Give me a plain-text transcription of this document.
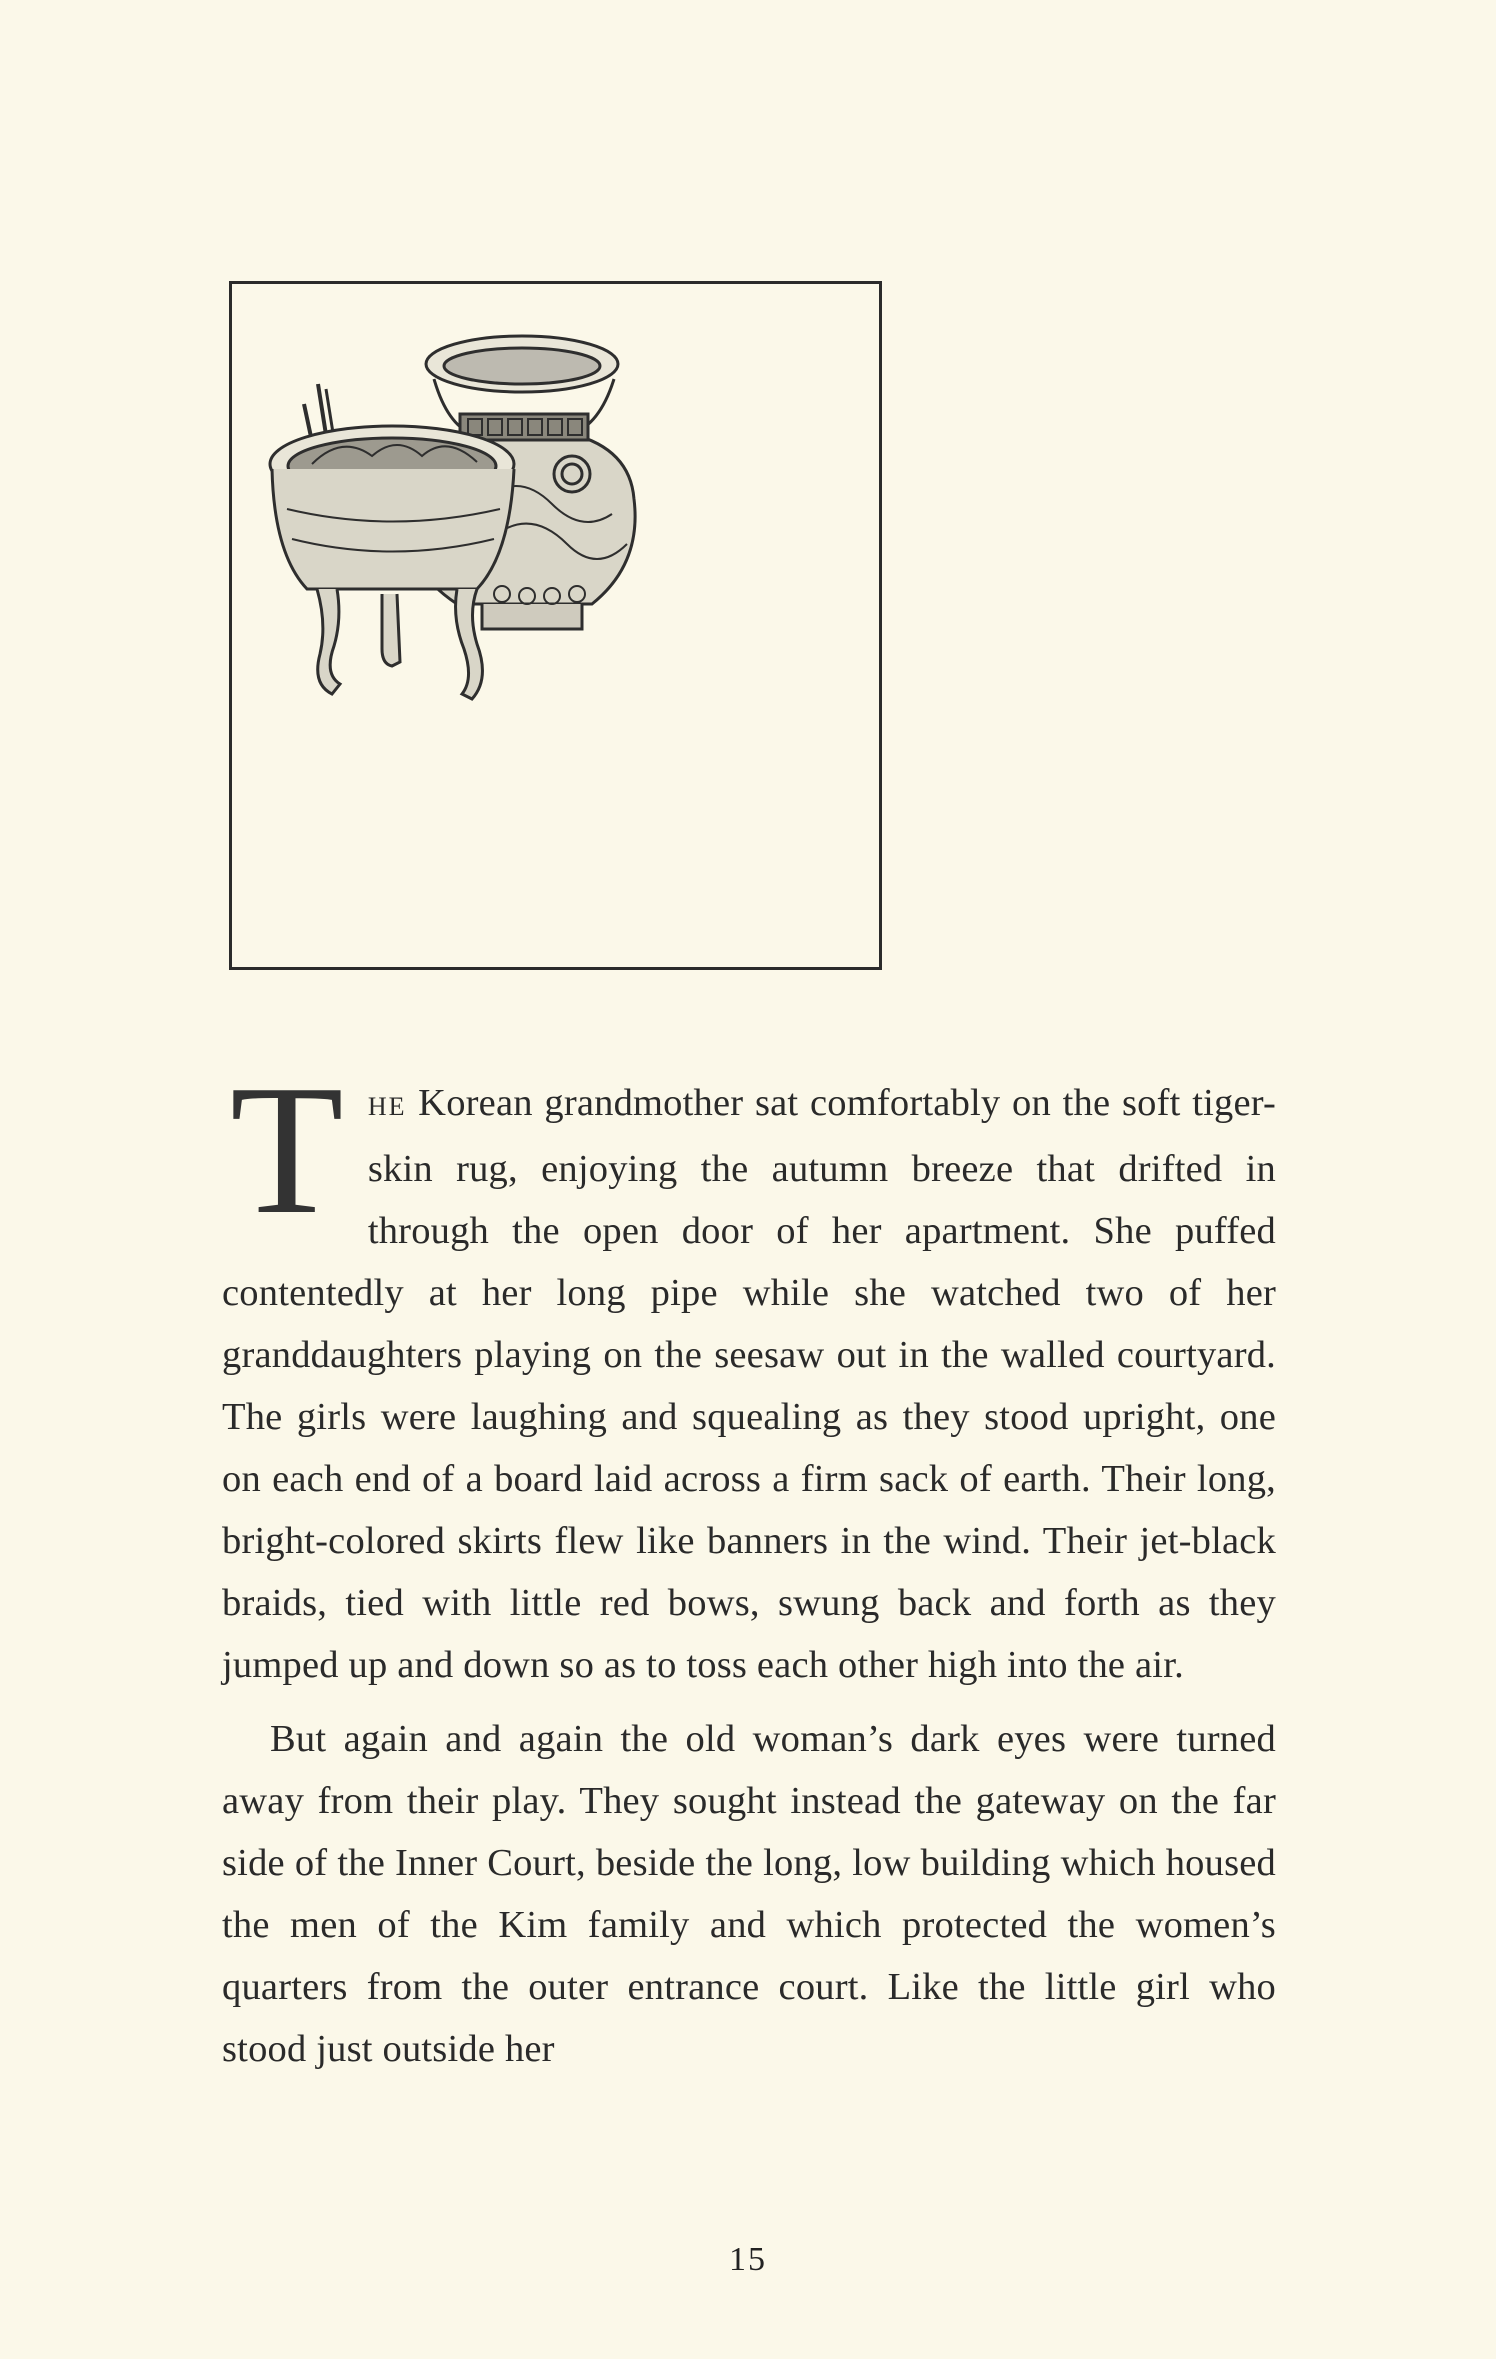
THE Korean grandmother sat comfortably on the soft tiger-skin rug, enjoying the autumn breeze that drifted in through the open door of her apartment. She puffed contentedly at her long pipe while she watched two of her granddaughters playing on the seesaw out in the walled courtyard. The girls were laughing and squealing as they stood upright, one on each end of a board laid across a firm sack of earth. Their long, bright-colored skirts flew like banners in the wind. Their jet-black braids, tied with little red bows, swung back and forth as they jumped up and down so as to toss each other high into the air.

But again and again the old woman’s dark eyes were turned away from their play. They sought instead the gateway on the far side of the Inner Court, beside the long, low building which housed the men of the Kim family and which protected the women’s quarters from the outer entrance court. Like the little girl who stood just outside her

15
